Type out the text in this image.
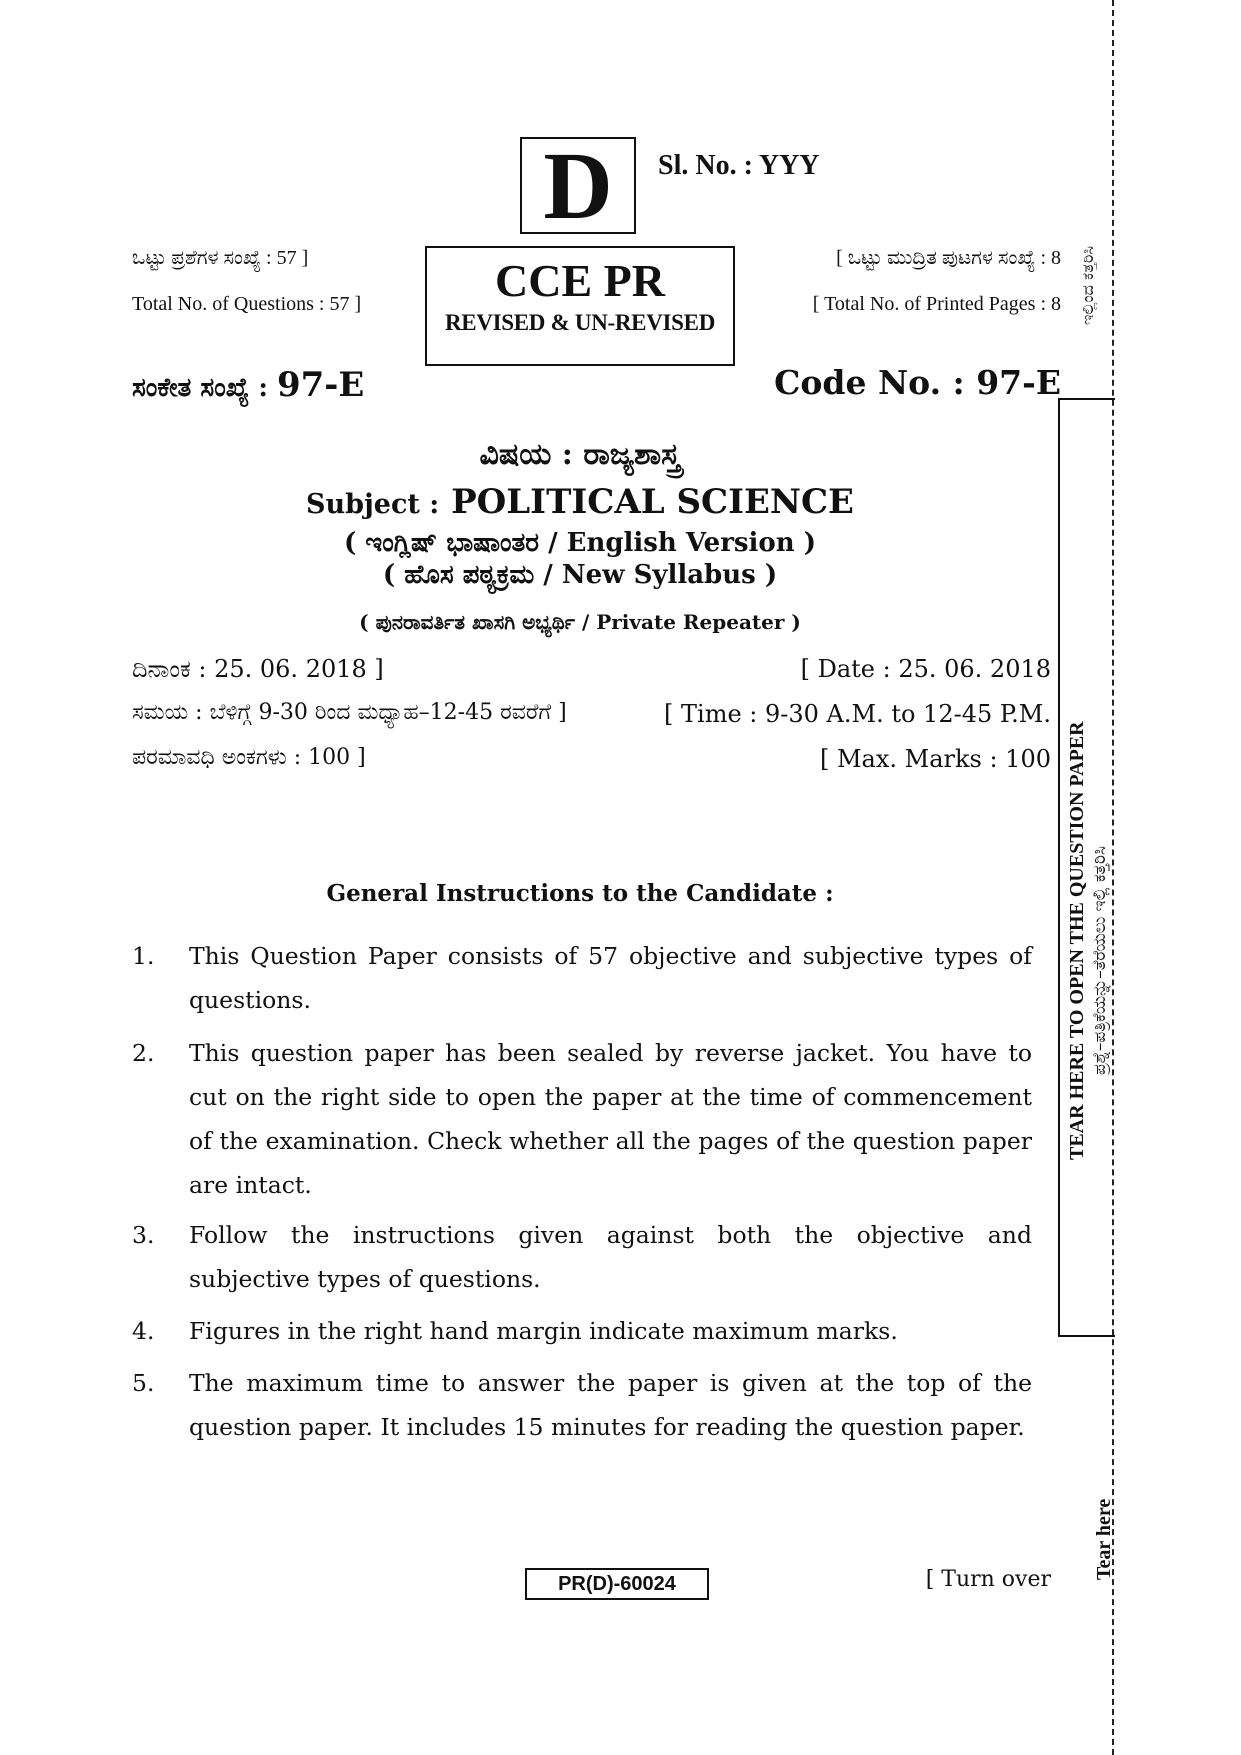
D	Sl. No. : YYY
ಒಟ್ಟು ಪ್ರಶೆಗಳ ಸಂಖ್ಯೆ : 57 ]
Total No. of Questions : 57 ]	CCE PR
REVISED & UN-REVISED
[ ಒಟ್ಟು ಮುದ್ರಿತ ಪುಟಗಳ ಸಂಖ್ಯೆ : 8
[ Total No. of Printed Pages : 8
ಸಂಕೇತ ಸಂಖ್ಯೆ : 97-E	Code No. : 97-E
ವಿಷಯ : ರಾಜ್ಯಶಾಸ್ತ್ರ
Subject : POLITICAL SCIENCE
( ಇಂಗ್ಲಿಷ್ ಭಾಷಾಂತರ / English Version )
( ಹೊಸ ಪಠ್ಯಕ್ರಮ / New Syllabus )
( ಪುನರಾವರ್ತಿತ ಖಾಸಗಿ ಅಭ್ಯರ್ಥಿ / Private Repeater )
ದಿನಾಂಕ : 25. 06. 2018 ]	[ Date : 25. 06. 2018
ಸಮಯ : ಬೆಳಿಗ್ಗೆ 9-30 ರಿಂದ ಮಧ್ಯಾಹ–12-45 ರವರೆಗೆ ]	[ Time : 9-30 A.M. to 12-45 P.M.
ಪರಮಾವಧಿ ಅಂಕಗಳು : 100 ]	[ Max. Marks : 100
General Instructions to the Candidate :
1. This Question Paper consists of 57 objective and subjective types of questions.
2. This question paper has been sealed by reverse jacket. You have to cut on the right side to open the paper at the time of commencement of the examination. Check whether all the pages of the question paper are intact.
3. Follow the instructions given against both the objective and subjective types of questions.
4. Figures in the right hand margin indicate maximum marks.
5. The maximum time to answer the paper is given at the top of the question paper. It includes 15 minutes for reading the question paper.
PR(D)-60024	[ Turn over
ಇಲ್ಲಿಂದ ಕತ್ತರಿಸಿ
TEAR HERE TO OPEN THE QUESTION PAPER ಪ್ರಶ್ನೆ–ಪತ್ರಿಕೆಯನ್ನು–ತೆರೆಯಲು ಇಲ್ಲಿ ಕತ್ತರಿಸಿ
Tear here
